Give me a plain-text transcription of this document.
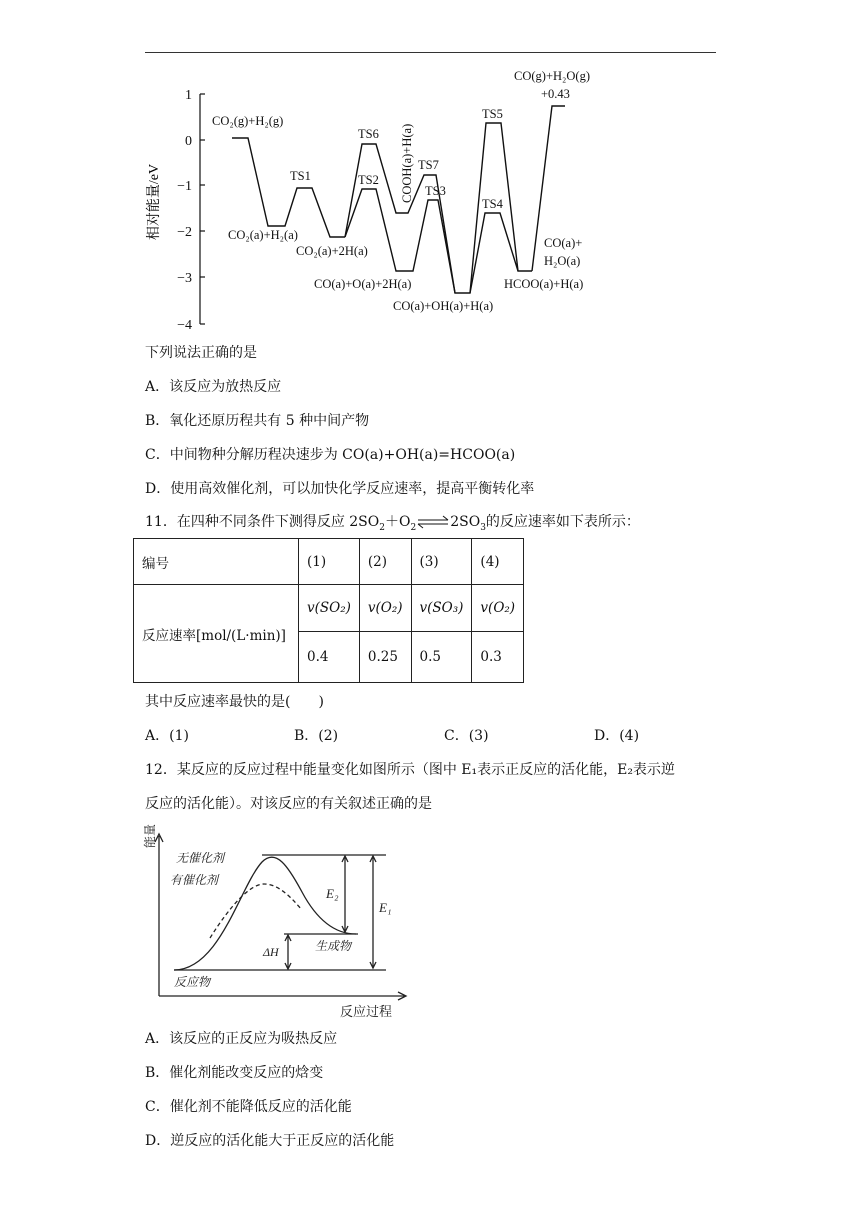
1
0
−1
−2
−3
−4
相对能量/eV
CO₂(g)+H₂(g)
CO₂(a)+H₂(a)
CO₂(a)+2H(a)
CO(a)+O(a)+2H(a)
CO(a)+OH(a)+H(a)
HCOO(a)+H(a)
CO(a)+
H₂O(a)
CO(g)+H₂O(g)
+0.43
TS1	TS2
TS3
TS4
TS5
TS6
TS7
COOH(a)+H(a)
下列说法正确的是
A．该反应为放热反应
B．氧化还原历程共有 5 种中间产物
C．中间物种分解历程决速步为 CO(a)+OH(a)=HCOO(a)
D．使用高效催化剂，可以加快化学反应速率，提高平衡转化率
11．在四种不同条件下测得反应 $2SO_2+O_2\rightleftharpoons 2SO_3$的反应速率如下表所示：
编号	(1)	(2)	(3)	(4)
反应速率[mol/(L·min)]	v(SO₂)	v(O₂)	v(SO₃)	v(O₂)
	0.4	0.25	0.5	0.3
其中反应速率最快的是(　　)
A．(1)	B．(2)	C．(3)	D．(4)
12．某反应的反应过程中能量变化如图所示（图中 E₁表示正反应的活化能，E₂表示逆
反应的活化能）。对该反应的有关叙述正确的是
能量
无催化剂
有催化剂
E₂
E₁
ΔH	生成物
反应物
反应过程
A．该反应的正反应为吸热反应
B．催化剂能改变反应的焓变
C．催化剂不能降低反应的活化能
D．逆反应的活化能大于正反应的活化能
